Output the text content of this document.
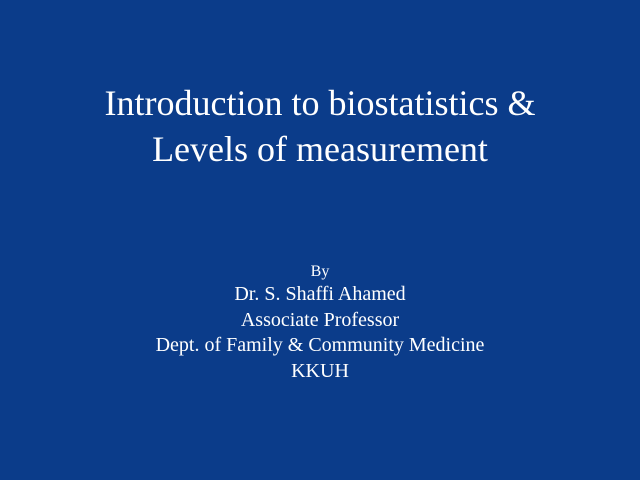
Introduction to biostatistics &
Levels of measurement
By
Dr. S. Shaffi Ahamed
Associate Professor
Dept. of Family & Community Medicine
KKUH
